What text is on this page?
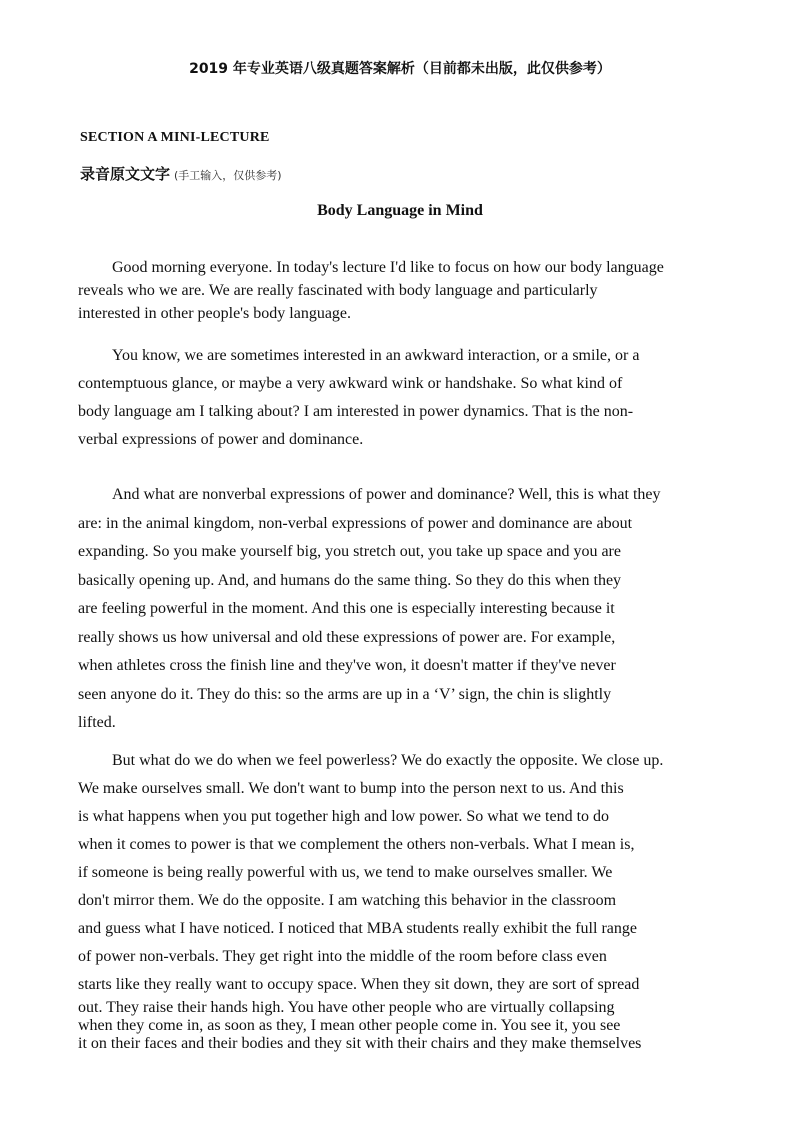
2019 年专业英语八级真题答案解析（目前都未出版，此仅供参考）
SECTION A MINI-LECTURE
录音原文文字 (手工输入，仅供参考)
Body Language in Mind
Good morning everyone. In today's lecture I'd like to focus on how our body language
reveals who we are. We are really fascinated with body language and particularly
interested in other people's body language.
You know, we are sometimes interested in an awkward interaction, or a smile, or a
contemptuous glance, or maybe a very awkward wink or handshake. So what kind of
body language am I talking about? I am interested in power dynamics. That is the non-
verbal expressions of power and dominance.
And what are nonverbal expressions of power and dominance? Well, this is what they
are: in the animal kingdom, non-verbal expressions of power and dominance are about
expanding. So you make yourself big, you stretch out, you take up space and you are
basically opening up. And, and humans do the same thing. So they do this when they
are feeling powerful in the moment. And this one is especially interesting because it
really shows us how universal and old these expressions of power are. For example,
when athletes cross the finish line and they've won, it doesn't matter if they've never
seen anyone do it. They do this: so the arms are up in a ‘V’ sign, the chin is slightly
lifted.
But what do we do when we feel powerless? We do exactly the opposite. We close up.
We make ourselves small. We don't want to bump into the person next to us. And this
is what happens when you put together high and low power. So what we tend to do
when it comes to power is that we complement the others non-verbals. What I mean is,
if someone is being really powerful with us, we tend to make ourselves smaller. We
don't mirror them. We do the opposite. I am watching this behavior in the classroom
and guess what I have noticed. I noticed that MBA students really exhibit the full range
of power non-verbals. They get right into the middle of the room before class even
starts like they really want to occupy space. When they sit down, they are sort of spread
out. They raise their hands high. You have other people who are virtually collapsing
when they come in, as soon as they, I mean other people come in. You see it, you see
it on their faces and their bodies and they sit with their chairs and they make themselves
